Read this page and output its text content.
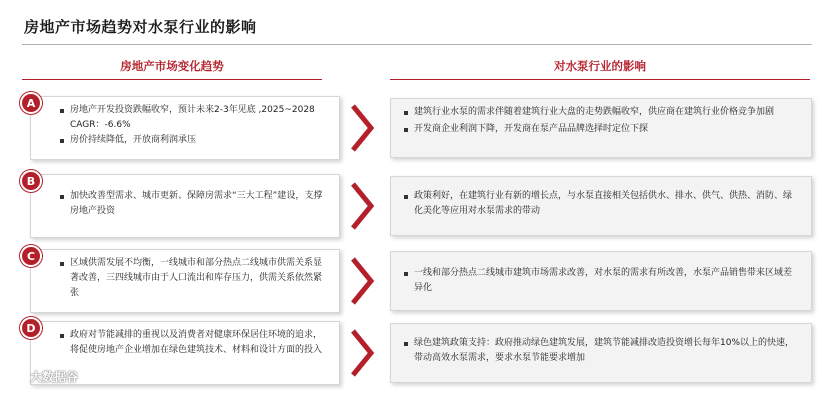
房地产市场趋势对水泵行业的影响
房地产市场变化趋势	对水泵行业的影响
房地产开发投资跌幅收窄，预计未来2-3年见底 ,2025~2028 CAGR：-6.6%
房价持续降低，开放商利润承压
A
建筑行业水泵的需求伴随着建筑行业大盘的走势跌幅收窄，供应商在建筑行业价格竞争加剧
开发商企业利润下降，开发商在泵产品品牌选择时定位下探
加快改善型需求、城市更新、保障房需求“三大工程”建设，支撑房地产投资
B
政策利好，在建筑行业有新的增长点，与水泵直接相关包括供水、排水、供气、供热、消防、绿化美化等应用对水泵需求的带动
区域供需发展不均衡，一线城市和部分热点二线城市供需关系显著改善，三四线城市由于人口流出和库存压力，供需关系依然紧张
C
一线和部分热点二线城市建筑市场需求改善，对水泵的需求有所改善，水泵产品销售带来区域差异化
政府对节能减排的重视以及消费者对健康环保居住环境的追求，将促使房地产企业增加在绿色建筑技术、材料和设计方面的投入
D
绿色建筑政策支持：政府推动绿色建筑发展，建筑节能减排改造投资增长每年10%以上的快速，带动高效水泵需求，要求水泵节能要求增加
大数据谷
